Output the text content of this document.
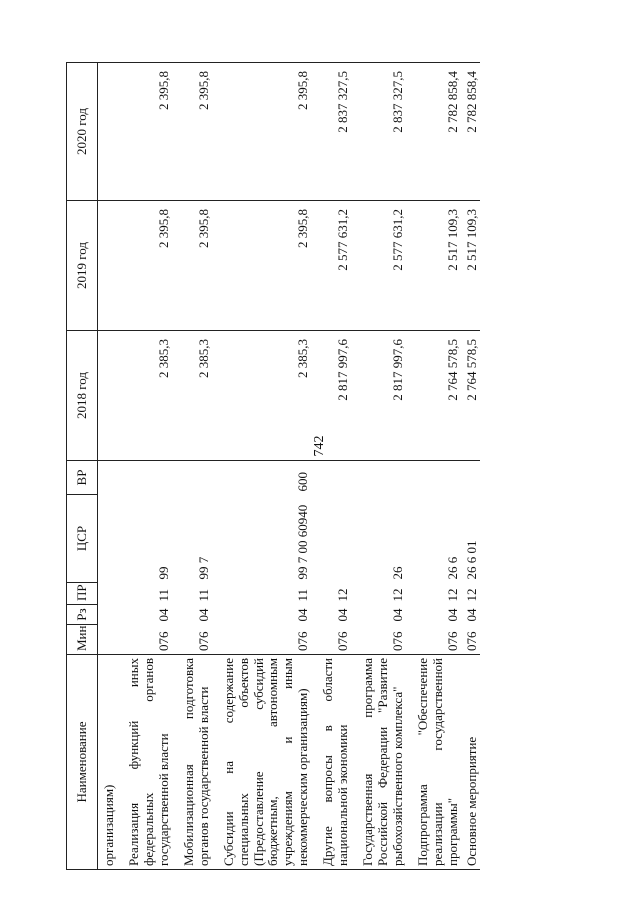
742
Наименование	Мин	Рз	ПР	ЦСР	ВР	2018 год	2019 год	2020 год
организациям)								
Реализация функций иных федеральных органов государственной власти	076	04	11	99		2 385,3	2 395,8	2 395,8
Мобилизационная подготовка органов государственной власти	076	04	11	99 7		2 385,3	2 395,8	2 395,8
Субсидии на содержание специальных объектов (Предоставление субсидий бюджетным, автономным учреждениям и иным некоммерческим организациям)	076	04	11	99 7 00 60940	600	2 385,3	2 395,8	2 395,8
Другие вопросы в области национальной экономики	076	04	12			2 817 997,6	2 577 631,2	2 837 327,5
Государственная программа Российской Федерации "Развитие рыбохозяйственного комплекса"	076	04	12	26		2 817 997,6	2 577 631,2	2 837 327,5
Подпрограмма "Обеспечение реализации государственной программы"	076	04	12	26 6		2 764 578,5	2 517 109,3	2 782 858,4
Основное мероприятие	076	04	12	26 6 01		2 764 578,5	2 517 109,3	2 782 858,4
